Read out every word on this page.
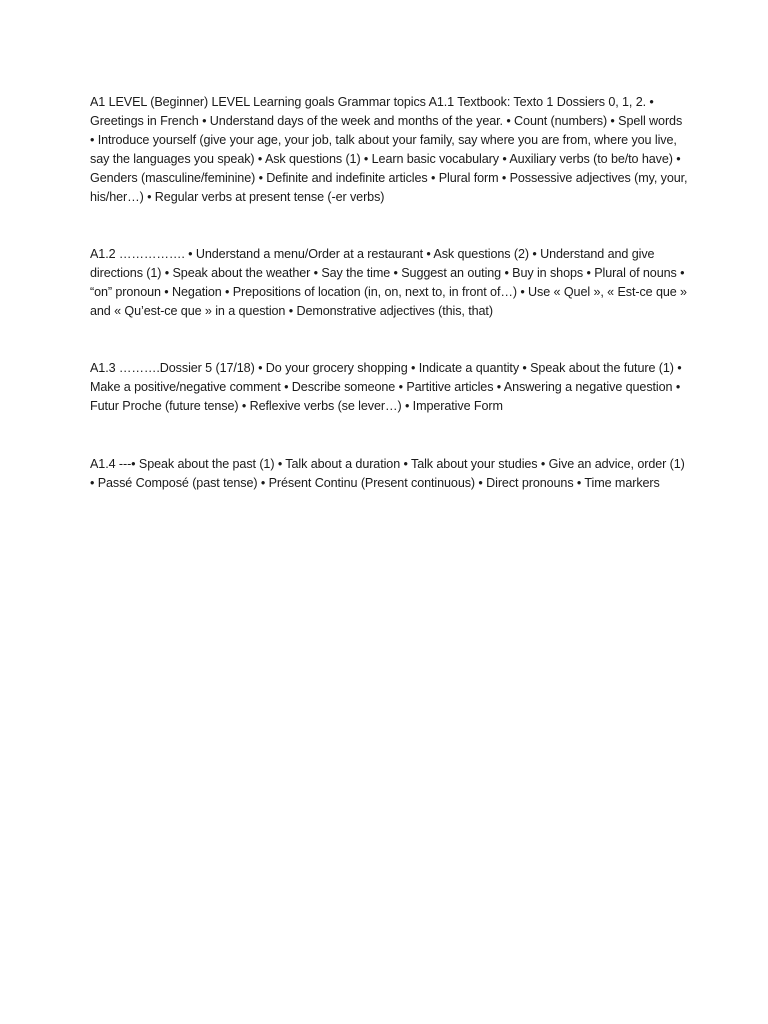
A1 LEVEL (Beginner) LEVEL Learning goals Grammar topics A1.1 Textbook: Texto 1 Dossiers 0, 1, 2. • Greetings in French • Understand days of the week and months of the year. • Count (numbers) • Spell words • Introduce yourself (give your age, your job, talk about your family, say where you are from, where you live, say the languages you speak) • Ask questions (1) • Learn basic vocabulary • Auxiliary verbs (to be/to have) • Genders (masculine/feminine) • Definite and indefinite articles • Plural form • Possessive adjectives (my, your, his/her…) • Regular verbs at present tense (-er verbs)

A1.2 ……………. • Understand a menu/Order at a restaurant • Ask questions (2) • Understand and give directions (1) • Speak about the weather • Say the time • Suggest an outing • Buy in shops • Plural of nouns • “on” pronoun • Negation • Prepositions of location (in, on, next to, in front of…) • Use « Quel », « Est-ce que » and « Qu’est-ce que » in a question • Demonstrative adjectives (this, that)

A1.3 ……….Dossier 5 (17/18) • Do your grocery shopping • Indicate a quantity • Speak about the future (1) • Make a positive/negative comment • Describe someone • Partitive articles • Answering a negative question • Futur Proche (future tense) • Reflexive verbs (se lever…) • Imperative Form

A1.4 ---• Speak about the past (1) • Talk about a duration • Talk about your studies • Give an advice, order (1) • Passé Composé (past tense) • Présent Continu (Present continuous) • Direct pronouns • Time markers
